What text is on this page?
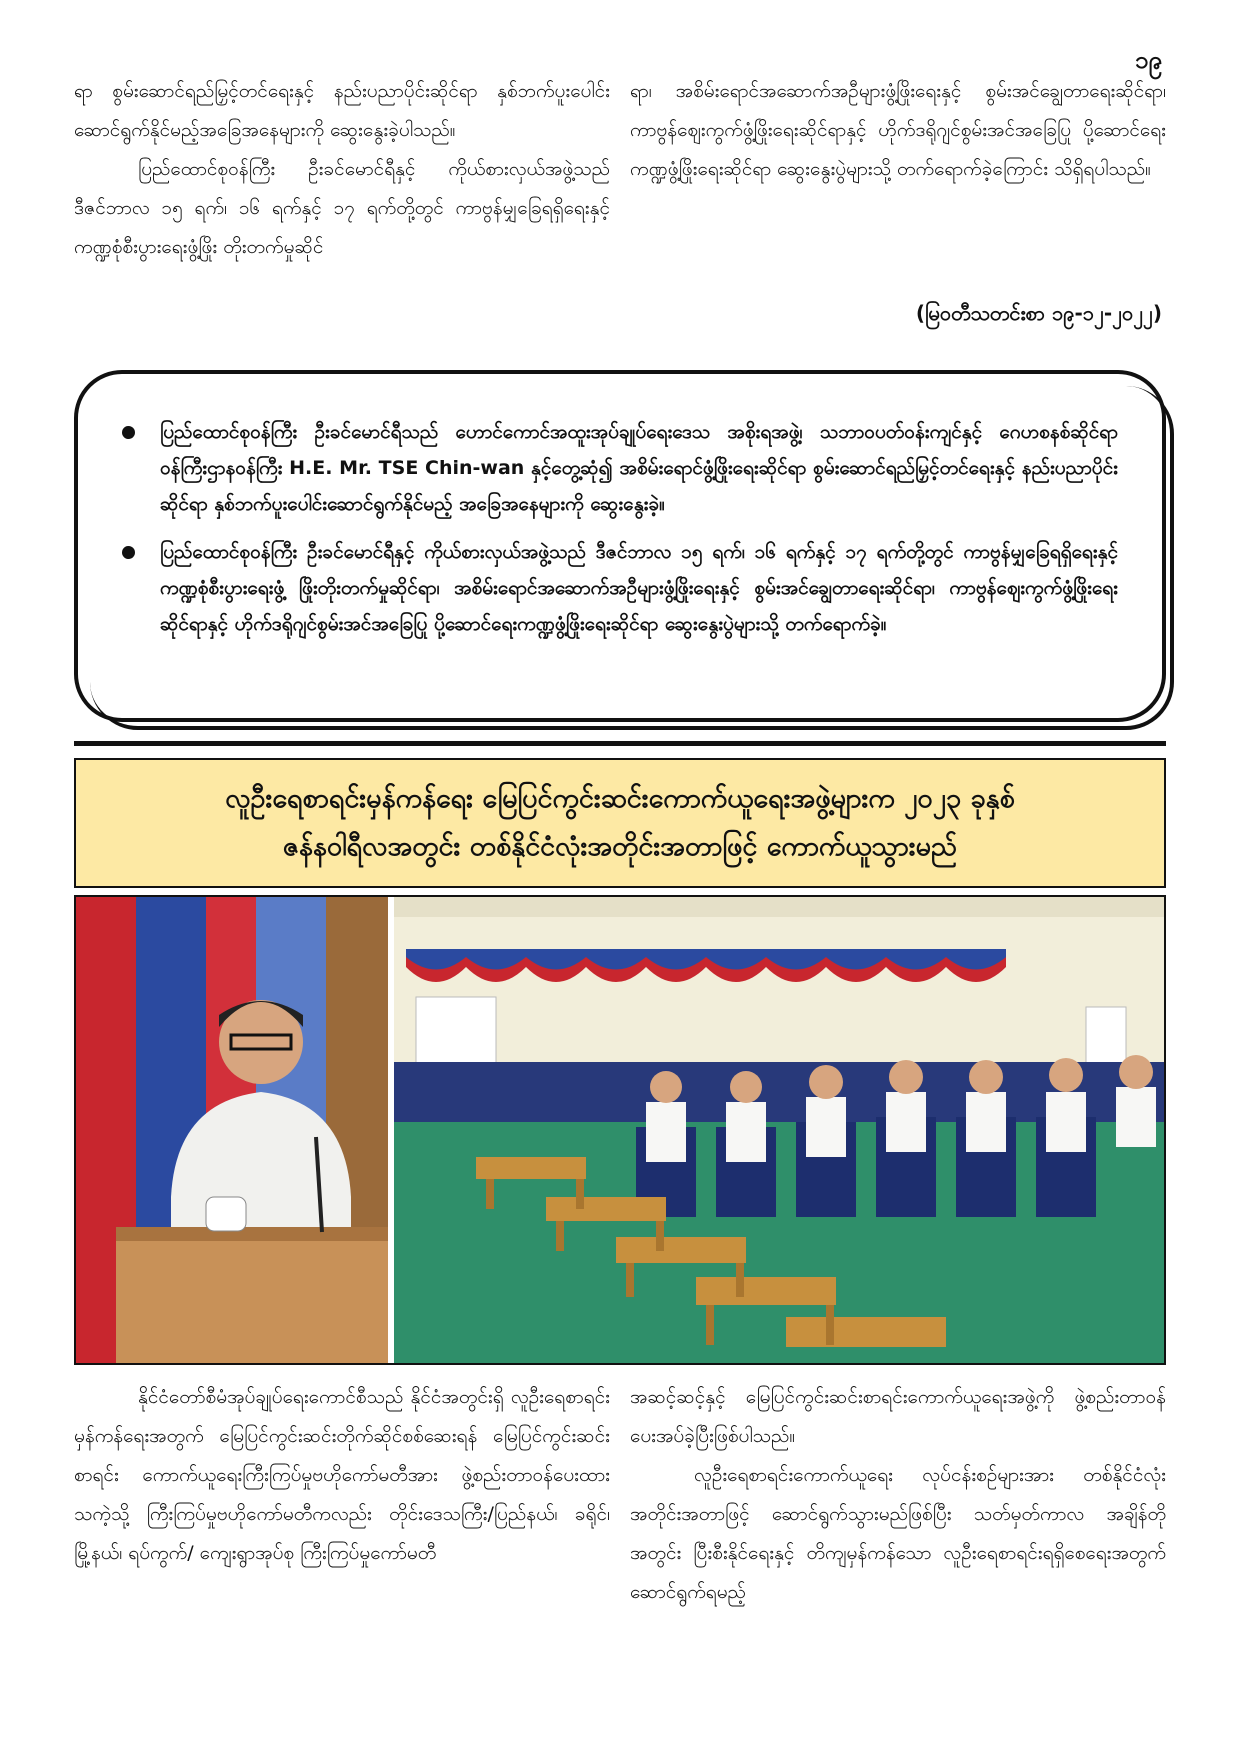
၁၉

ရာ စွမ်းဆောင်ရည်မြှင့်တင်ရေးနှင့် နည်းပညာပိုင်းဆိုင်ရာ နှစ်ဘက်ပူးပေါင်းဆောင်ရွက်နိုင်မည့်အခြေအနေများကို ဆွေးနွေးခဲ့ပါသည်။

ပြည်ထောင်စုဝန်ကြီး ဦးခင်မောင်ရီနှင့် ကိုယ်စားလှယ်အဖွဲ့သည် ဒီဇင်ဘာလ ၁၅ ရက်၊ ၁၆ ရက်နှင့် ၁၇ ရက်တို့တွင် ကာဗွန်မျှခြေရရှိရေးနှင့် ကဏ္ဍစုံစီးပွားရေးဖွံ့ဖြိုး တိုးတက်မှုဆိုင်

ရာ၊ အစိမ်းရောင်အဆောက်အဦများဖွံ့ဖြိုးရေးနှင့် စွမ်းအင်ချွေတာရေးဆိုင်ရာ၊ ကာဗွန်ဈေးကွက်ဖွံ့ဖြိုးရေးဆိုင်ရာနှင့် ဟိုက်ဒရိုဂျင်စွမ်းအင်အခြေပြု ပို့ဆောင်ရေးကဏ္ဍဖွံ့ဖြိုးရေးဆိုင်ရာ ဆွေးနွေးပွဲများသို့ တက်ရောက်ခဲ့ကြောင်း သိရှိရပါသည်။

(မြဝတီသတင်းစာ ၁၉-၁၂-၂၀၂၂)
ပြည်ထောင်စုဝန်ကြီး ဦးခင်မောင်ရီသည် ဟောင်ကောင်အထူးအုပ်ချုပ်ရေးဒေသ အစိုးရအဖွဲ့၊ သဘာဝပတ်ဝန်းကျင်နှင့် ဂေဟစနစ်ဆိုင်ရာဝန်ကြီးဌာနဝန်ကြီး H.E. Mr. TSE Chin-wan နှင့်တွေ့ဆုံ၍ အစိမ်းရောင်ဖွံ့ဖြိုးရေးဆိုင်ရာ စွမ်းဆောင်ရည်မြှင့်တင်ရေးနှင့် နည်းပညာပိုင်းဆိုင်ရာ နှစ်ဘက်ပူးပေါင်းဆောင်ရွက်နိုင်မည့် အခြေအနေများကို ဆွေးနွေးခဲ့။
ပြည်ထောင်စုဝန်ကြီး ဦးခင်မောင်ရီနှင့် ကိုယ်စားလှယ်အဖွဲ့သည် ဒီဇင်ဘာလ ၁၅ ရက်၊ ၁၆ ရက်နှင့် ၁၇ ရက်တို့တွင် ကာဗွန်မျှခြေရရှိရေးနှင့် ကဏ္ဍစုံစီးပွားရေးဖွံ့ ဖြိုးတိုးတက်မှုဆိုင်ရာ၊ အစိမ်းရောင်အဆောက်အဦများဖွံ့ဖြိုးရေးနှင့် စွမ်းအင်ချွေတာရေးဆိုင်ရာ၊ ကာဗွန်ဈေးကွက်ဖွံ့ဖြိုးရေးဆိုင်ရာနှင့် ဟိုက်ဒရိုဂျင်စွမ်းအင်အခြေပြု ပို့ဆောင်ရေးကဏ္ဍဖွံ့ဖြိုးရေးဆိုင်ရာ ဆွေးနွေးပွဲများသို့ တက်ရောက်ခဲ့။
လူဦးရေစာရင်းမှန်ကန်ရေး မြေပြင်ကွင်းဆင်းကောက်ယူရေးအဖွဲ့များက ၂၀၂၃ ခုနှစ်
ဇန်နဝါရီလအတွင်း တစ်နိုင်ငံလုံးအတိုင်းအတာဖြင့် ကောက်ယူသွားမည်

နိုင်ငံတော်စီမံအုပ်ချုပ်ရေးကောင်စီသည် နိုင်ငံအတွင်းရှိ လူဦးရေစာရင်း မှန်ကန်ရေးအတွက် မြေပြင်ကွင်းဆင်းတိုက်ဆိုင်စစ်ဆေးရန် မြေပြင်ကွင်းဆင်းစာရင်း ကောက်ယူရေးကြီးကြပ်မှုဗဟိုကော်မတီအား ဖွဲ့စည်းတာဝန်ပေးထားသကဲ့သို့ ကြီးကြပ်မှုဗဟိုကော်မတီကလည်း တိုင်းဒေသကြီး/ပြည်နယ်၊ ခရိုင်၊ မြို့နယ်၊ ရပ်ကွက်/ ကျေးရွာအုပ်စု ကြီးကြပ်မှုကော်မတီ

အဆင့်ဆင့်နှင့် မြေပြင်ကွင်းဆင်းစာရင်းကောက်ယူရေးအဖွဲ့ကို ဖွဲ့စည်းတာဝန်ပေးအပ်ခဲ့ပြီးဖြစ်ပါသည်။

လူဦးရေစာရင်းကောက်ယူရေး လုပ်ငန်းစဉ်များအား တစ်နိုင်ငံလုံးအတိုင်းအတာဖြင့် ဆောင်ရွက်သွားမည်ဖြစ်ပြီး သတ်မှတ်ကာလ အချိန်တိုအတွင်း ပြီးစီးနိုင်ရေးနှင့် တိကျမှန်ကန်သော လူဦးရေစာရင်းရရှိစေရေးအတွက် ဆောင်ရွက်ရမည့်
